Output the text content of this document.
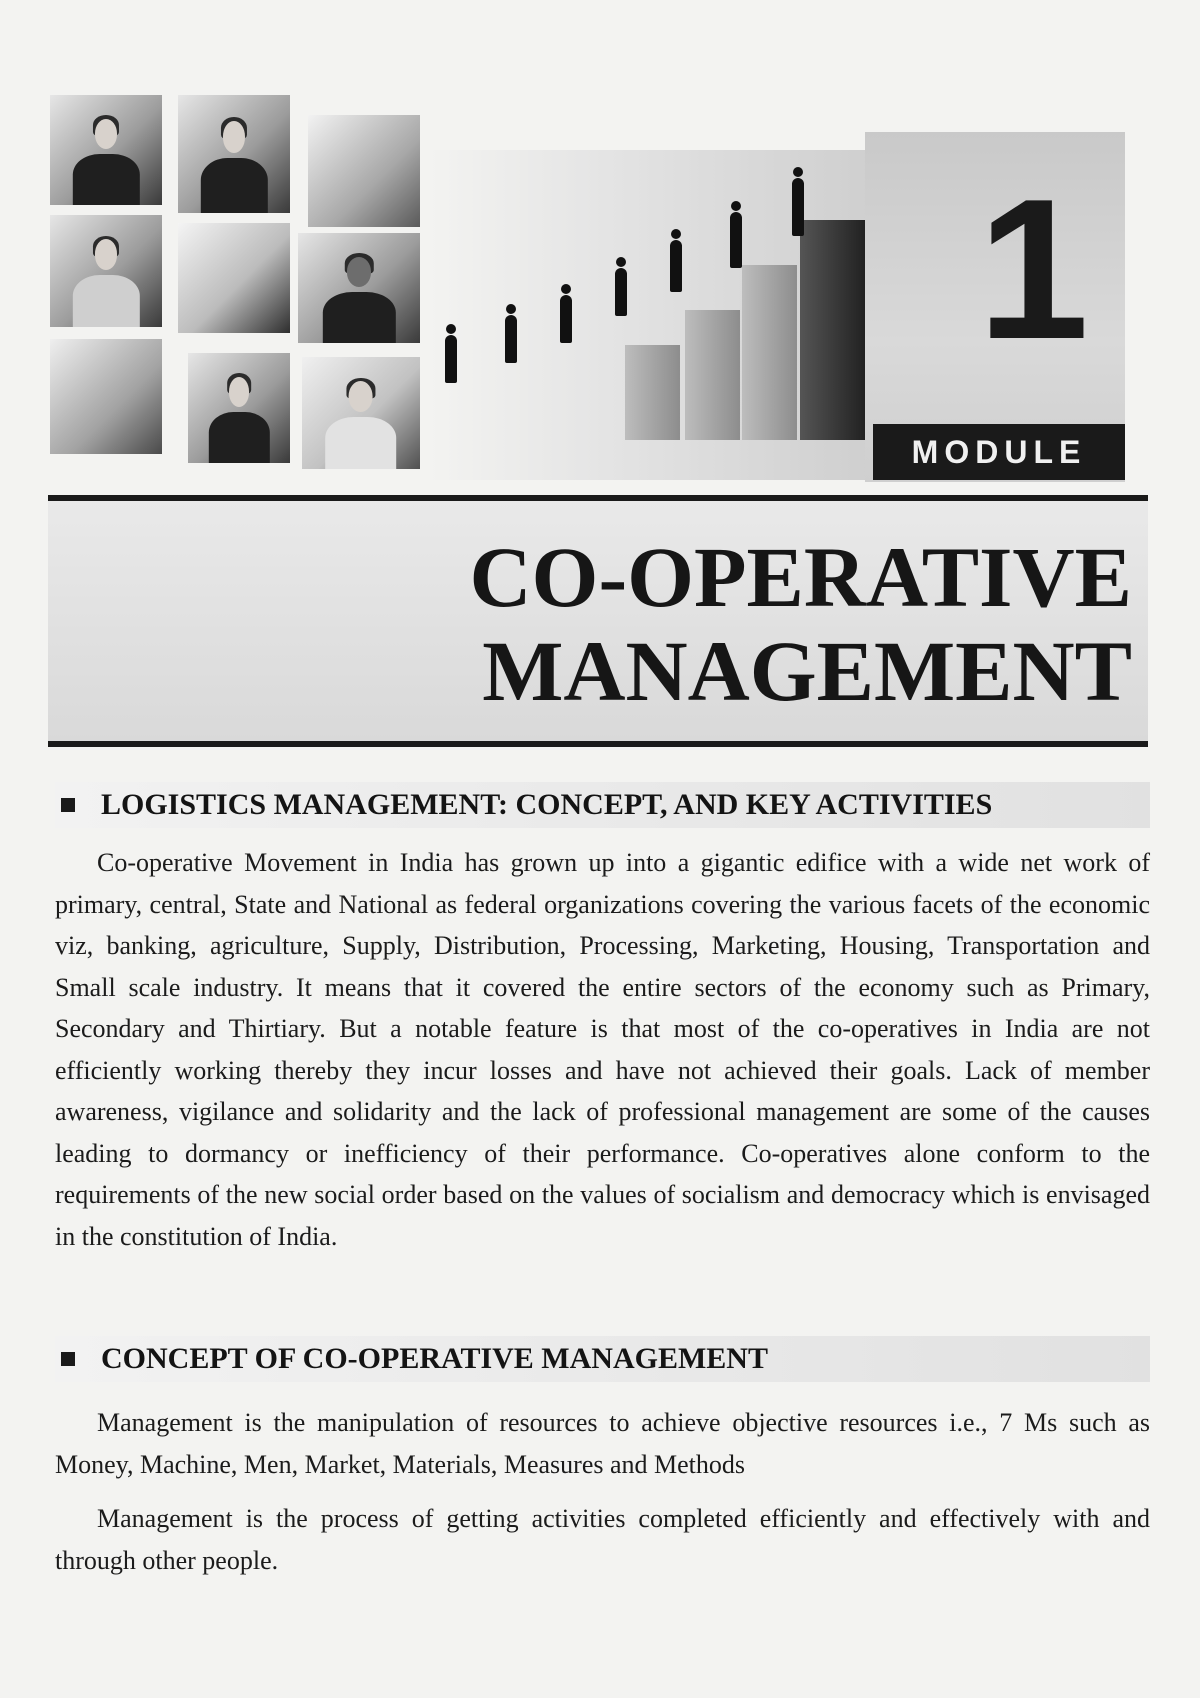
1
MODULE
CO-OPERATIVE
MANAGEMENT
LOGISTICS MANAGEMENT: CONCEPT, AND KEY ACTIVITIES
Co-operative Movement in India has grown up into a gigantic edifice with a wide net work of primary, central, State and National as federal organizations covering the various facets of the economic viz, banking, agriculture, Supply, Distribution, Processing, Marketing, Housing, Transportation and Small scale industry. It means that it covered the entire sectors of the economy such as Primary, Secondary and Thirtiary. But a notable feature is that most of the co-operatives in India are not efficiently working thereby they incur losses and have not achieved their goals. Lack of member awareness, vigilance and solidarity and the lack of professional management are some of the causes leading to dormancy or inefficiency of their performance. Co-operatives alone conform to the requirements of the new social order based on the values of socialism and democracy which is envisaged in the constitution of India.
CONCEPT OF CO-OPERATIVE MANAGEMENT
Management is the manipulation of resources to achieve objective resources i.e., 7 Ms such as Money, Machine, Men, Market, Materials, Measures and Methods
Management is the process of getting activities completed efficiently and effectively with and through other people.
